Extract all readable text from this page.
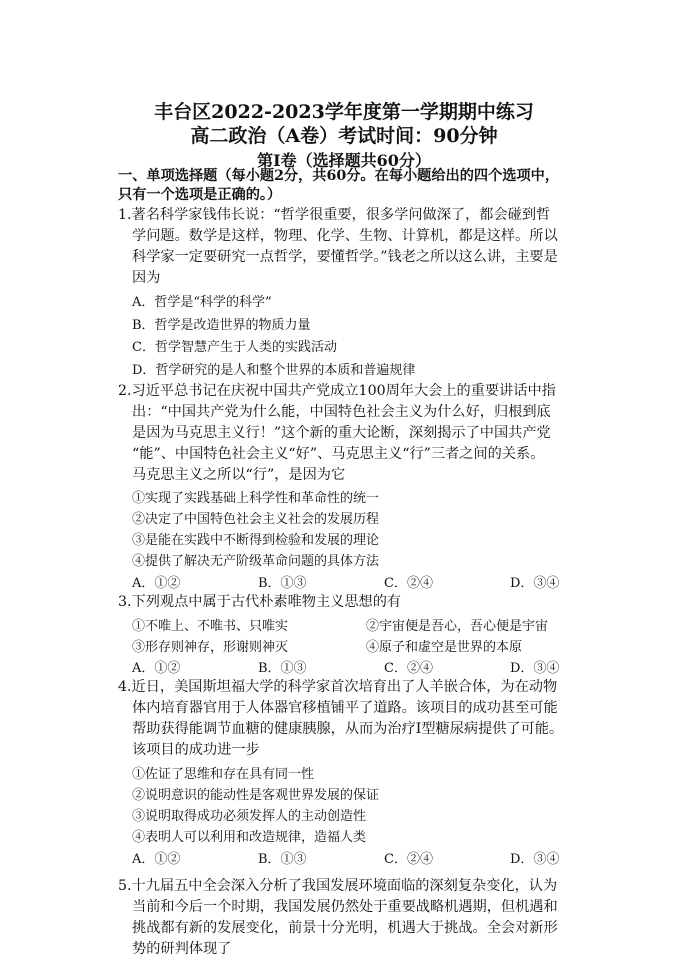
丰台区2022-2023学年度第一学期期中练习
高二政治（A卷）考试时间：90分钟
第Ⅰ卷（选择题共60分）
一、单项选择题（每小题2分，共60分。在每小题给出的四个选项中，
只有一个选项是正确的。）
1.著名科学家钱伟长说：“哲学很重要，很多学问做深了，都会碰到哲
学问题。数学是这样，物理、化学、生物、计算机，都是这样。所以
科学家一定要研究一点哲学，要懂哲学。”钱老之所以这么讲，主要是
因为
A．哲学是“科学的科学”
B．哲学是改造世界的物质力量
C．哲学智慧产生于人类的实践活动
D．哲学研究的是人和整个世界的本质和普遍规律
2.习近平总书记在庆祝中国共产党成立100周年大会上的重要讲话中指
出：“中国共产党为什么能，中国特色社会主义为什么好，归根到底
是因为马克思主义行！”这个新的重大论断，深刻揭示了中国共产党
“能”、中国特色社会主义“好”、马克思主义“行”三者之间的关系。
马克思主义之所以“行”，是因为它
①实现了实践基础上科学性和革命性的统一
②决定了中国特色社会主义社会的发展历程
③是能在实践中不断得到检验和发展的理论
④提供了解决无产阶级革命问题的具体方法
A．①②	B．①③	C．②④	D．③④
3.下列观点中属于古代朴素唯物主义思想的有
①不唯上、不唯书、只唯实	②宇宙便是吾心，吾心便是宇宙
③形存则神存，形谢则神灭	④原子和虚空是世界的本原
A．①②	B．①③	C．②④	D．③④
4.近日，美国斯坦福大学的科学家首次培育出了人羊嵌合体，为在动物
体内培育器官用于人体器官移植铺平了道路。该项目的成功甚至可能
帮助获得能调节血糖的健康胰腺，从而为治疗Ⅰ型糖尿病提供了可能。
该项目的成功进一步
①佐证了思维和存在具有同一性
②说明意识的能动性是客观世界发展的保证
③说明取得成功必须发挥人的主动创造性
④表明人可以利用和改造规律，造福人类
A．①②	B．①③	C．②④	D．③④
5.十九届五中全会深入分析了我国发展环境面临的深刻复杂变化，认为
当前和今后一个时期，我国发展仍然处于重要战略机遇期，但机遇和
挑战都有新的发展变化，前景十分光明，机遇大于挑战。全会对新形
势的研判体现了
